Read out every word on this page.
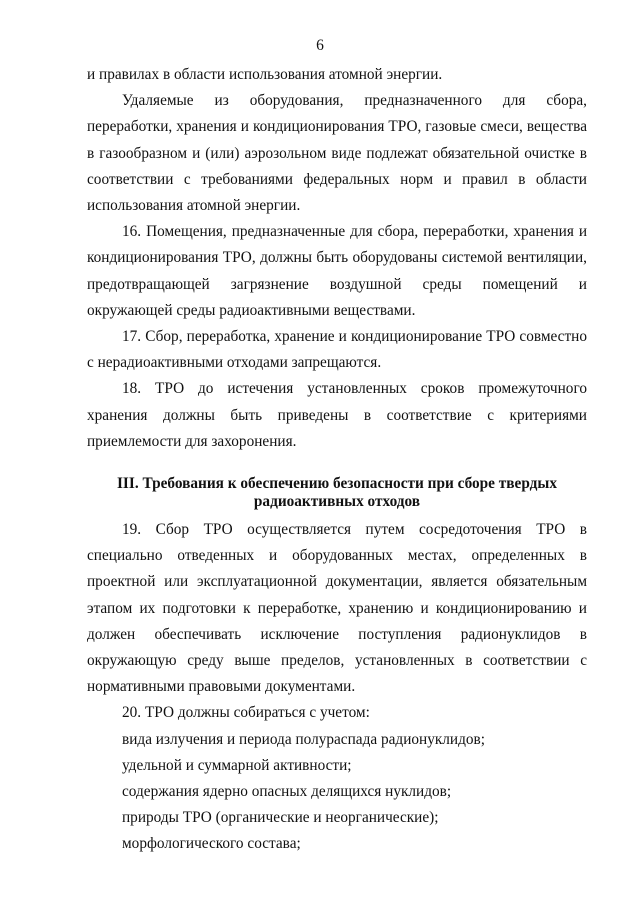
6

и правилах в области использования атомной энергии.

Удаляемые из оборудования, предназначенного для сбора, переработки, хранения и кондиционирования ТРО, газовые смеси, вещества в газообразном и (или) аэрозольном виде подлежат обязательной очистке в соответствии с требованиями федеральных норм и правил в области использования атомной энергии.

16. Помещения, предназначенные для сбора, переработки, хранения и кондиционирования ТРО, должны быть оборудованы системой вентиляции, предотвращающей загрязнение воздушной среды помещений и окружающей среды радиоактивными веществами.

17. Сбор, переработка, хранение и кондиционирование ТРО совместно с нерадиоактивными отходами запрещаются.

18. ТРО до истечения установленных сроков промежуточного хранения должны быть приведены в соответствие с критериями приемлемости для захоронения.

III. Требования к обеспечению безопасности при сборе твердых
радиоактивных отходов

19. Сбор ТРО осуществляется путем сосредоточения ТРО в специально отведенных и оборудованных местах, определенных в проектной или эксплуатационной документации, является обязательным этапом их подготовки к переработке, хранению и кондиционированию и должен обеспечивать исключение поступления радионуклидов в окружающую среду выше пределов, установленных в соответствии с нормативными правовыми документами.

20. ТРО должны собираться с учетом:

вида излучения и периода полураспада радионуклидов;

удельной и суммарной активности;

содержания ядерно опасных делящихся нуклидов;

природы ТРО (органические и неорганические);

морфологического состава;
